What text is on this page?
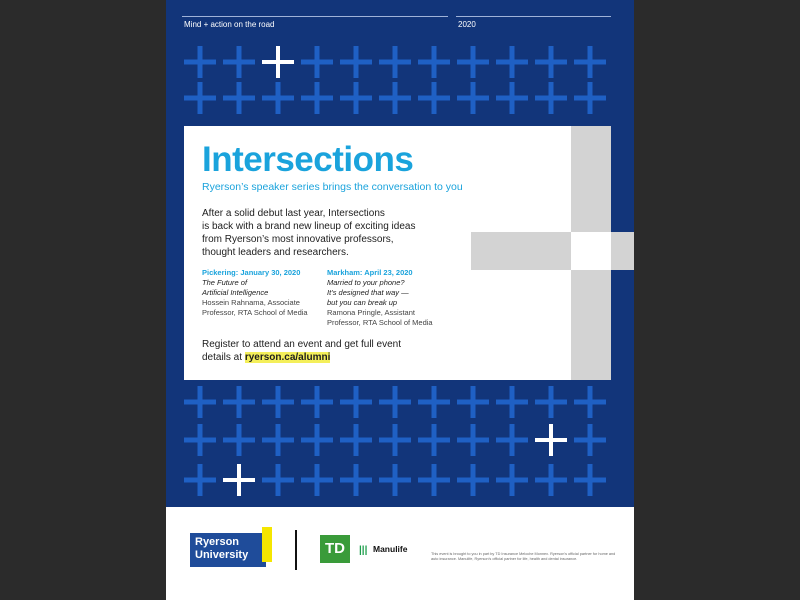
Mind + action on the road	2020
Intersections
Ryerson’s speaker series brings the conversation to you
After a solid debut last year, Intersections
is back with a brand new lineup of exciting ideas
from Ryerson’s most innovative professors,
thought leaders and researchers.
Pickering: January 30, 2020
The Future of
Artificial Intelligence
Hossein Rahnama, Associate
Professor, RTA School of Media
Markham: April 23, 2020
Married to your phone?
It’s designed that way —
but you can break up
Ramona Pringle, Assistant
Professor, RTA School of Media
Register to attend an event and get full event
details at ryerson.ca/alumni
Ryerson
University	TD	||| Manulife	This event is brought to you in part by TD Insurance Meloche Monnex. Ryerson’s official partner for home and auto insurance. Manulife, Ryerson’s official partner for life, health and dental insurance.
